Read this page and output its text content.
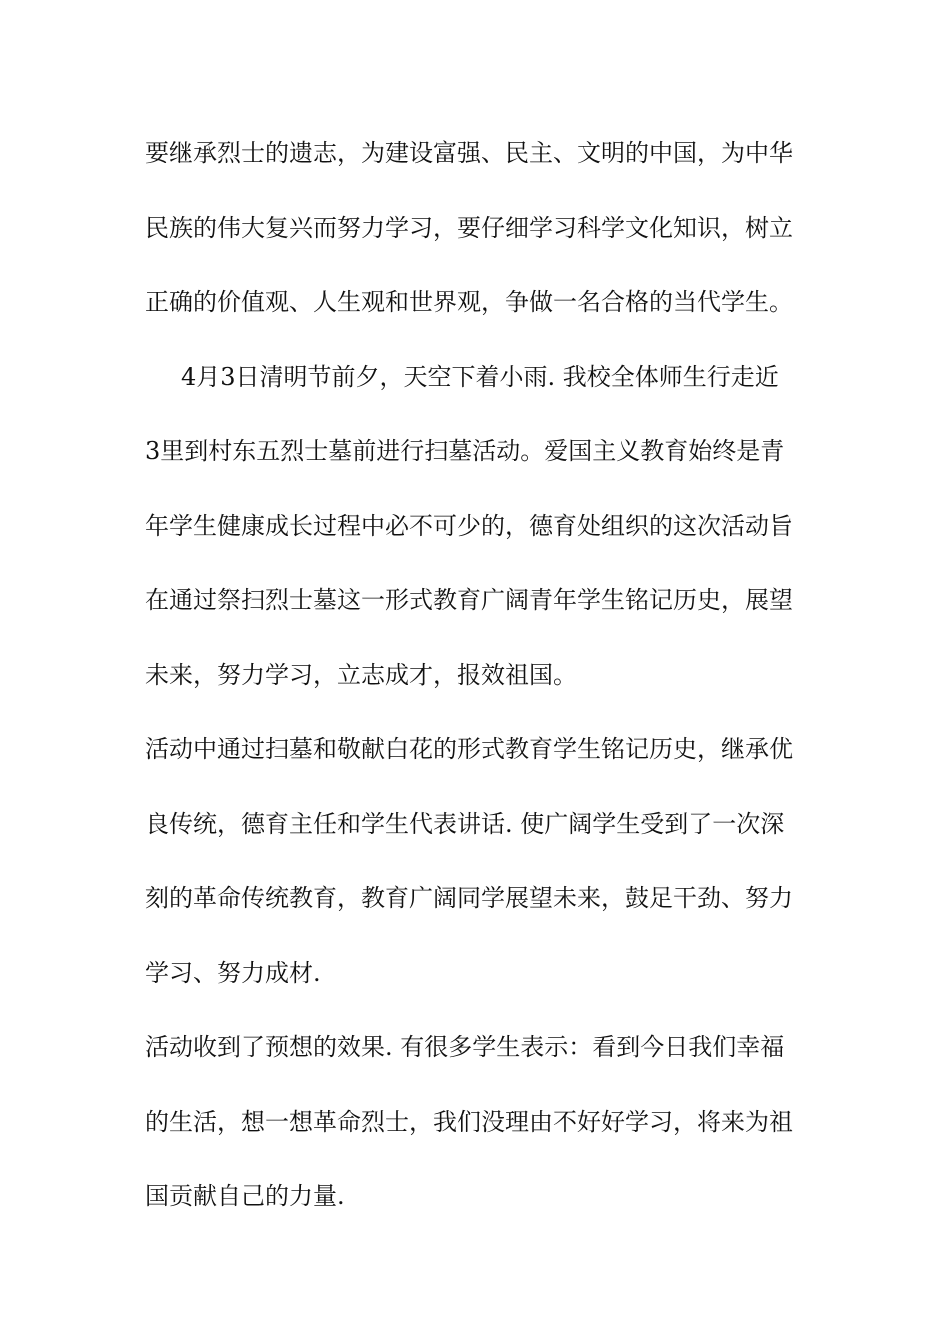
要继承烈士的遗志，为建设富强、民主、文明的中国，为中华
民族的伟大复兴而努力学习，要仔细学习科学文化知识，树立
正确的价值观、人生观和世界观，争做一名合格的当代学生。
4月3日清明节前夕，天空下着小雨. 我校全体师生行走近
3里到村东五烈士墓前进行扫墓活动。爱国主义教育始终是青
年学生健康成长过程中必不可少的，德育处组织的这次活动旨
在通过祭扫烈士墓这一形式教育广阔青年学生铭记历史，展望
未来，努力学习，立志成才，报效祖国。
活动中通过扫墓和敬献白花的形式教育学生铭记历史，继承优
良传统，德育主任和学生代表讲话. 使广阔学生受到了一次深
刻的革命传统教育，教育广阔同学展望未来，鼓足干劲、努力
学习、努力成材.
活动收到了预想的效果. 有很多学生表示：看到今日我们幸福
的生活，想一想革命烈士，我们没理由不好好学习，将来为祖
国贡献自己的力量.
